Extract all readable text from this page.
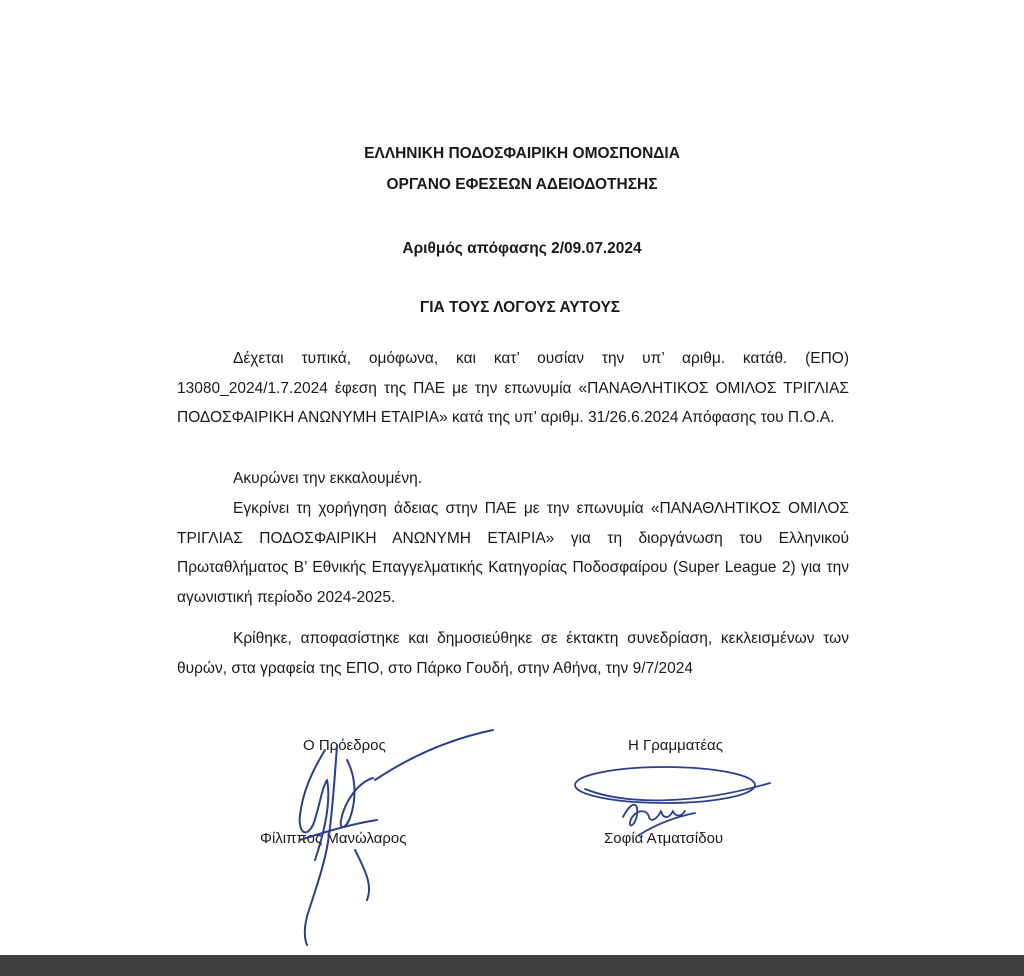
ΕΛΛΗΝΙΚΗ ΠΟΔΟΣΦΑΙΡΙΚΗ ΟΜΟΣΠΟΝΔΙΑ
ΟΡΓΑΝΟ ΕΦΕΣΕΩΝ ΑΔΕΙΟΔΟΤΗΣΗΣ
Αριθμός απόφασης 2/09.07.2024
ΓΙΑ ΤΟΥΣ ΛΟΓΟΥΣ ΑΥΤΟΥΣ

Δέχεται τυπικά, ομόφωνα, και κατ’ ουσίαν την υπ’ αριθμ. κατάθ. (ΕΠΟ) 13080_2024/1.7.2024 έφεση της ΠΑΕ με την επωνυμία «ΠΑΝΑΘΛΗΤΙΚΟΣ ΟΜΙΛΟΣ ΤΡΙΓΛΙΑΣ ΠΟΔΟΣΦΑΙΡΙΚΗ ΑΝΩΝΥΜΗ ΕΤΑΙΡΙΑ» κατά της υπ’ αριθμ. 31/26.6.2024 Απόφασης του Π.Ο.Α.

Ακυρώνει την εκκαλουμένη.

Εγκρίνει τη χορήγηση άδειας στην ΠΑΕ με την επωνυμία «ΠΑΝΑΘΛΗΤΙΚΟΣ ΟΜΙΛΟΣ ΤΡΙΓΛΙΑΣ ΠΟΔΟΣΦΑΙΡΙΚΗ ΑΝΩΝΥΜΗ ΕΤΑΙΡΙΑ» για τη διοργάνωση του Ελληνικού Πρωταθλήματος Β’ Εθνικής Επαγγελματικής Κατηγορίας Ποδοσφαίρου (Super League 2) για την αγωνιστική περίοδο 2024-2025.

Κρίθηκε, αποφασίστηκε και δημοσιεύθηκε σε έκτακτη συνεδρίαση, κεκλεισμένων των θυρών, στα γραφεία της ΕΠΟ, στο Πάρκο Γουδή, στην Αθήνα, την 9/7/2024

Ο Πρόεδρος
Φίλιππος Μανώλαρος
Η Γραμματέας
Σοφία Ατματσίδου
